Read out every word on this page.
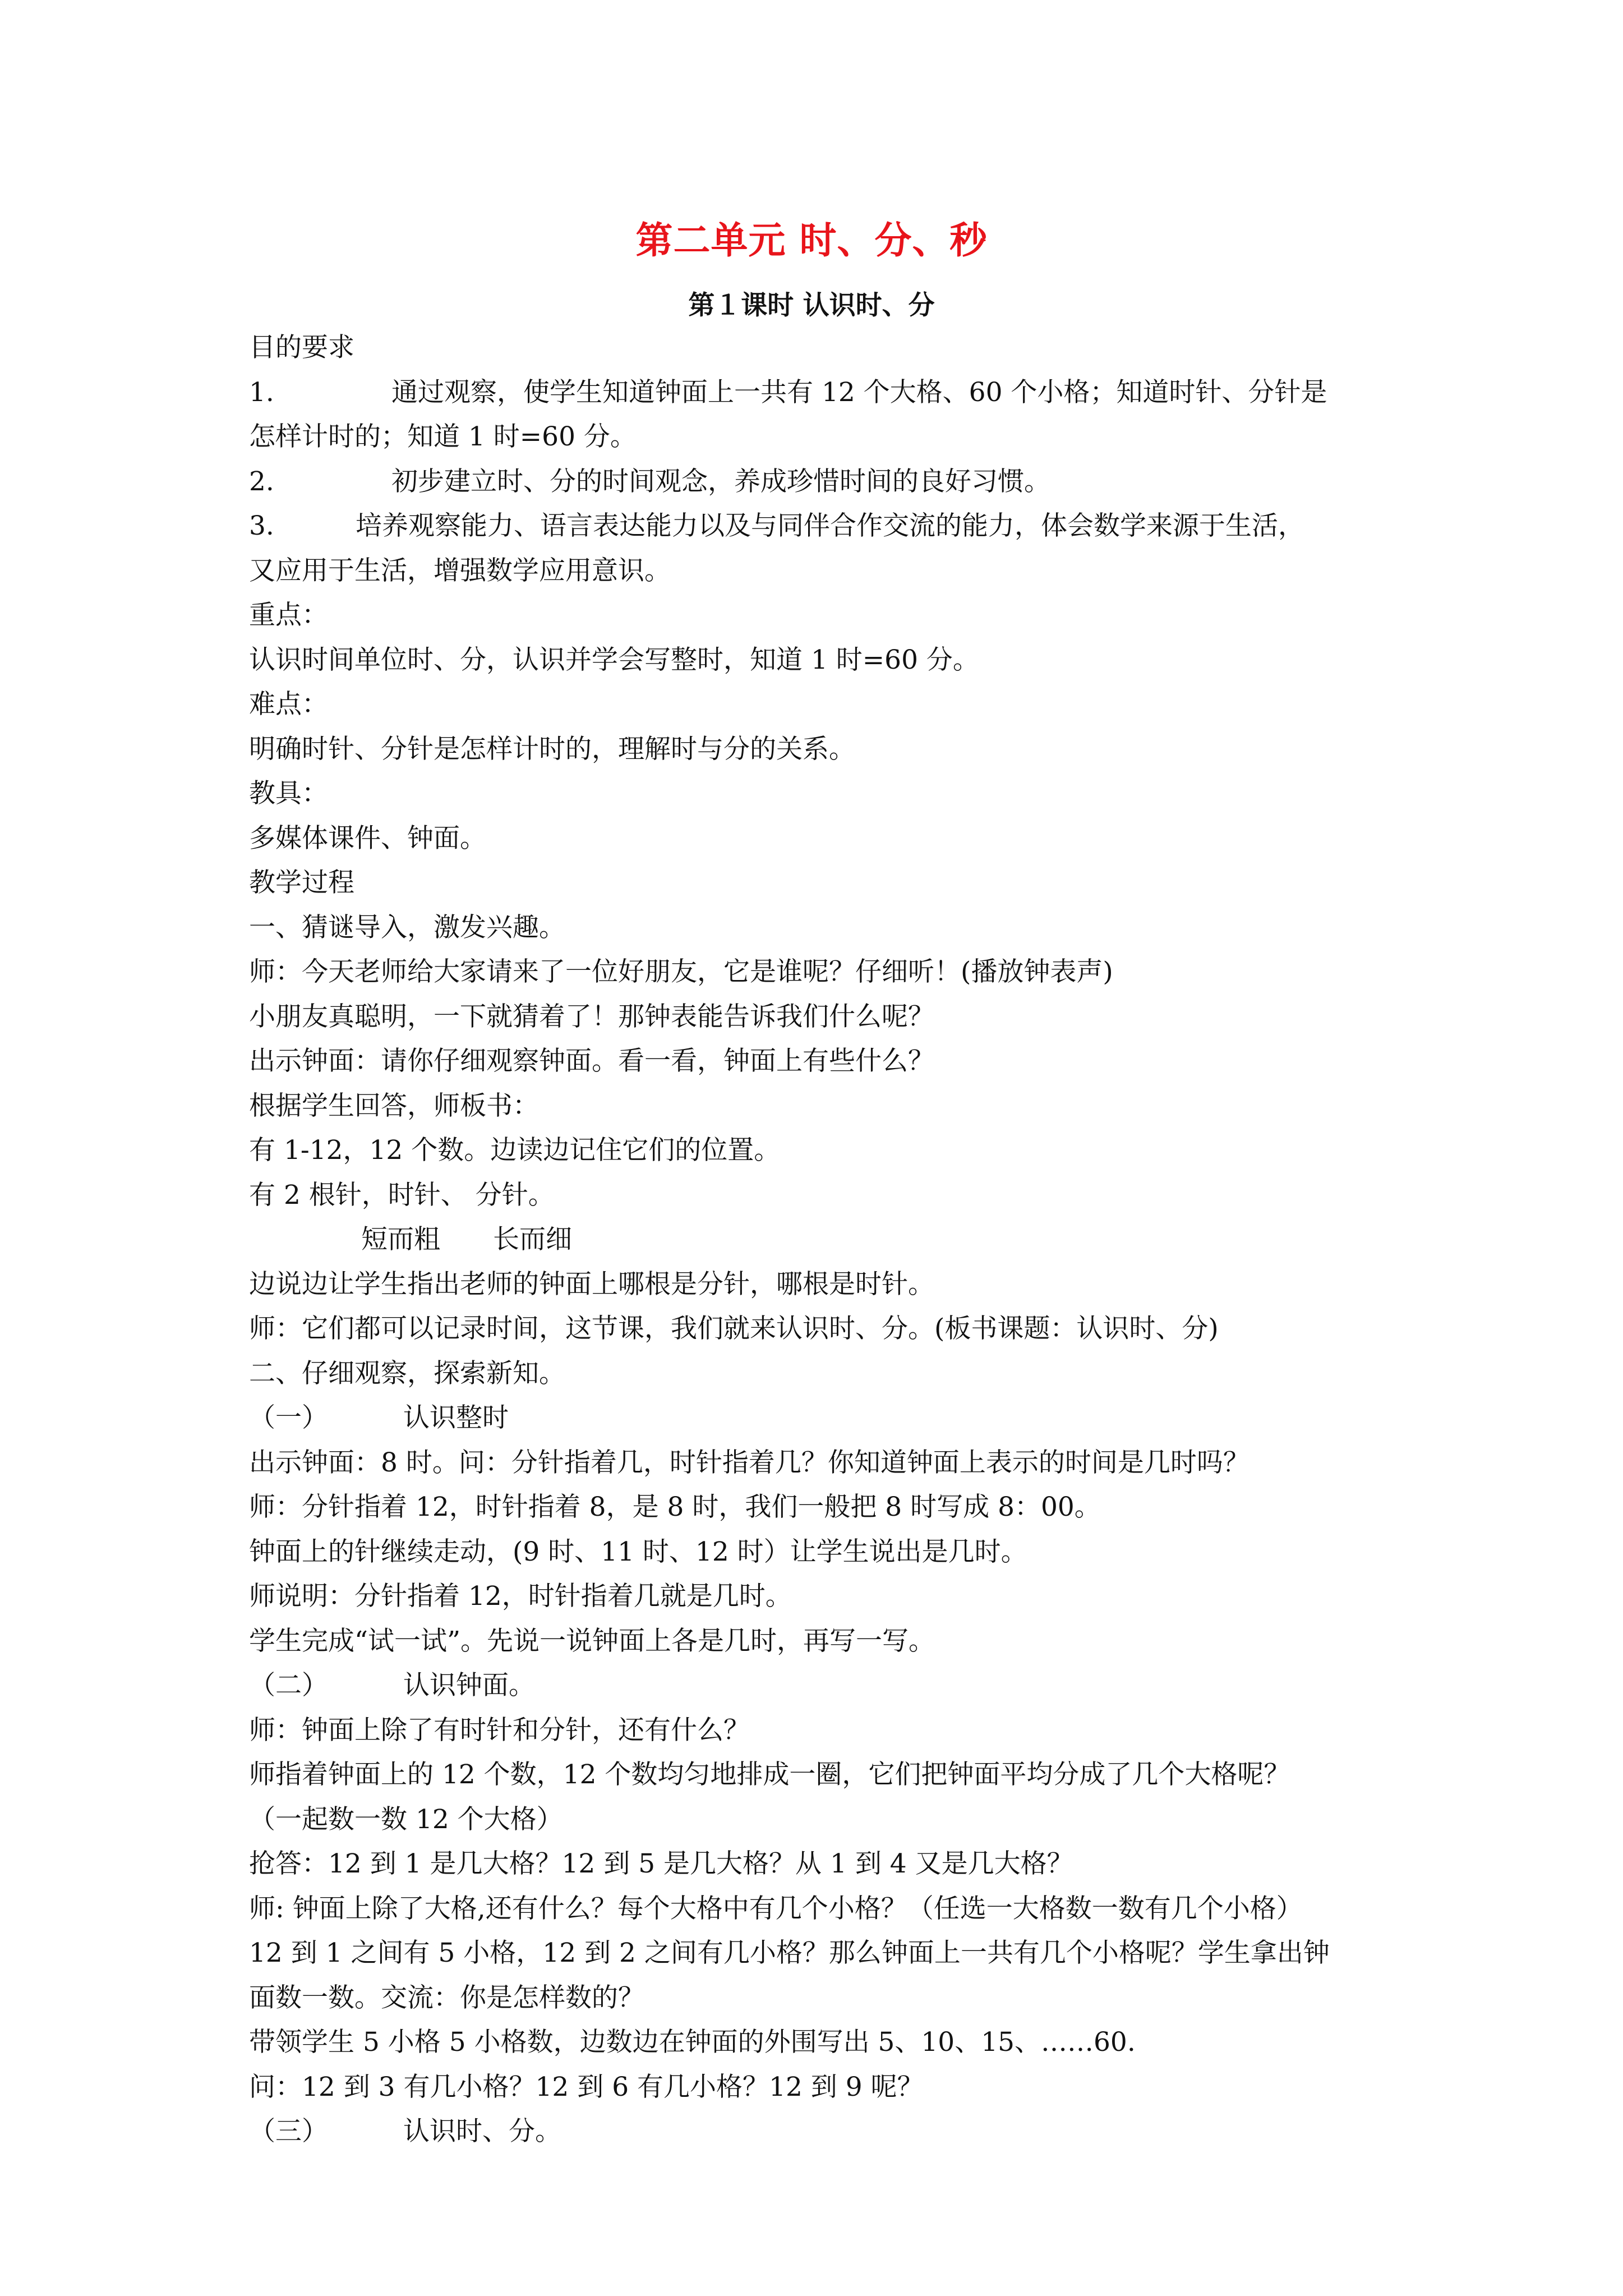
第二单元 时、分、秒
第１课时 认识时、分
目的要求
1.	通过观察，使学生知道钟面上一共有 12 个大格、60 个小格；知道时针、分针是
怎样计时的；知道 1 时=60 分。
2.	初步建立时、分的时间观念，养成珍惜时间的良好习惯。
3.	培养观察能力、语言表达能力以及与同伴合作交流的能力，体会数学来源于生活，
又应用于生活，增强数学应用意识。
重点：
认识时间单位时、分，认识并学会写整时，知道 1 时=60 分。
难点：
明确时针、分针是怎样计时的，理解时与分的关系。
教具：
多媒体课件、钟面。
教学过程
一、猜谜导入，激发兴趣。
师：今天老师给大家请来了一位好朋友，它是谁呢？仔细听！(播放钟表声)
小朋友真聪明，一下就猜着了！那钟表能告诉我们什么呢？
出示钟面：请你仔细观察钟面。看一看，钟面上有些什么？
根据学生回答，师板书：
有 1-12，12 个数。边读边记住它们的位置。
有 2 根针，时针、 分针。
短而粗　　长而细
边说边让学生指出老师的钟面上哪根是分针，哪根是时针。
师：它们都可以记录时间，这节课，我们就来认识时、分。(板书课题：认识时、分)
二、仔细观察，探索新知。
（一）	认识整时
出示钟面：8 时。问：分针指着几，时针指着几？你知道钟面上表示的时间是几时吗？
师：分针指着 12，时针指着 8，是 8 时，我们一般把 8 时写成 8：00。
钟面上的针继续走动，(9 时、11 时、12 时）让学生说出是几时。
师说明：分针指着 12，时针指着几就是几时。
学生完成“试一试”。先说一说钟面上各是几时，再写一写。
（二）	认识钟面。
师：钟面上除了有时针和分针，还有什么？
师指着钟面上的 12 个数，12 个数均匀地排成一圈，它们把钟面平均分成了几个大格呢？
（一起数一数 12 个大格）
抢答：12 到 1 是几大格？12 到 5 是几大格？从 1 到 4 又是几大格？
师: 钟面上除了大格,还有什么？每个大格中有几个小格？（任选一大格数一数有几个小格）
12 到 1 之间有 5 小格，12 到 2 之间有几小格？那么钟面上一共有几个小格呢？学生拿出钟
面数一数。交流：你是怎样数的？
带领学生 5 小格 5 小格数，边数边在钟面的外围写出 5、10、15、……60.
问：12 到 3 有几小格？12 到 6 有几小格？12 到 9 呢？
（三）	认识时、分。
